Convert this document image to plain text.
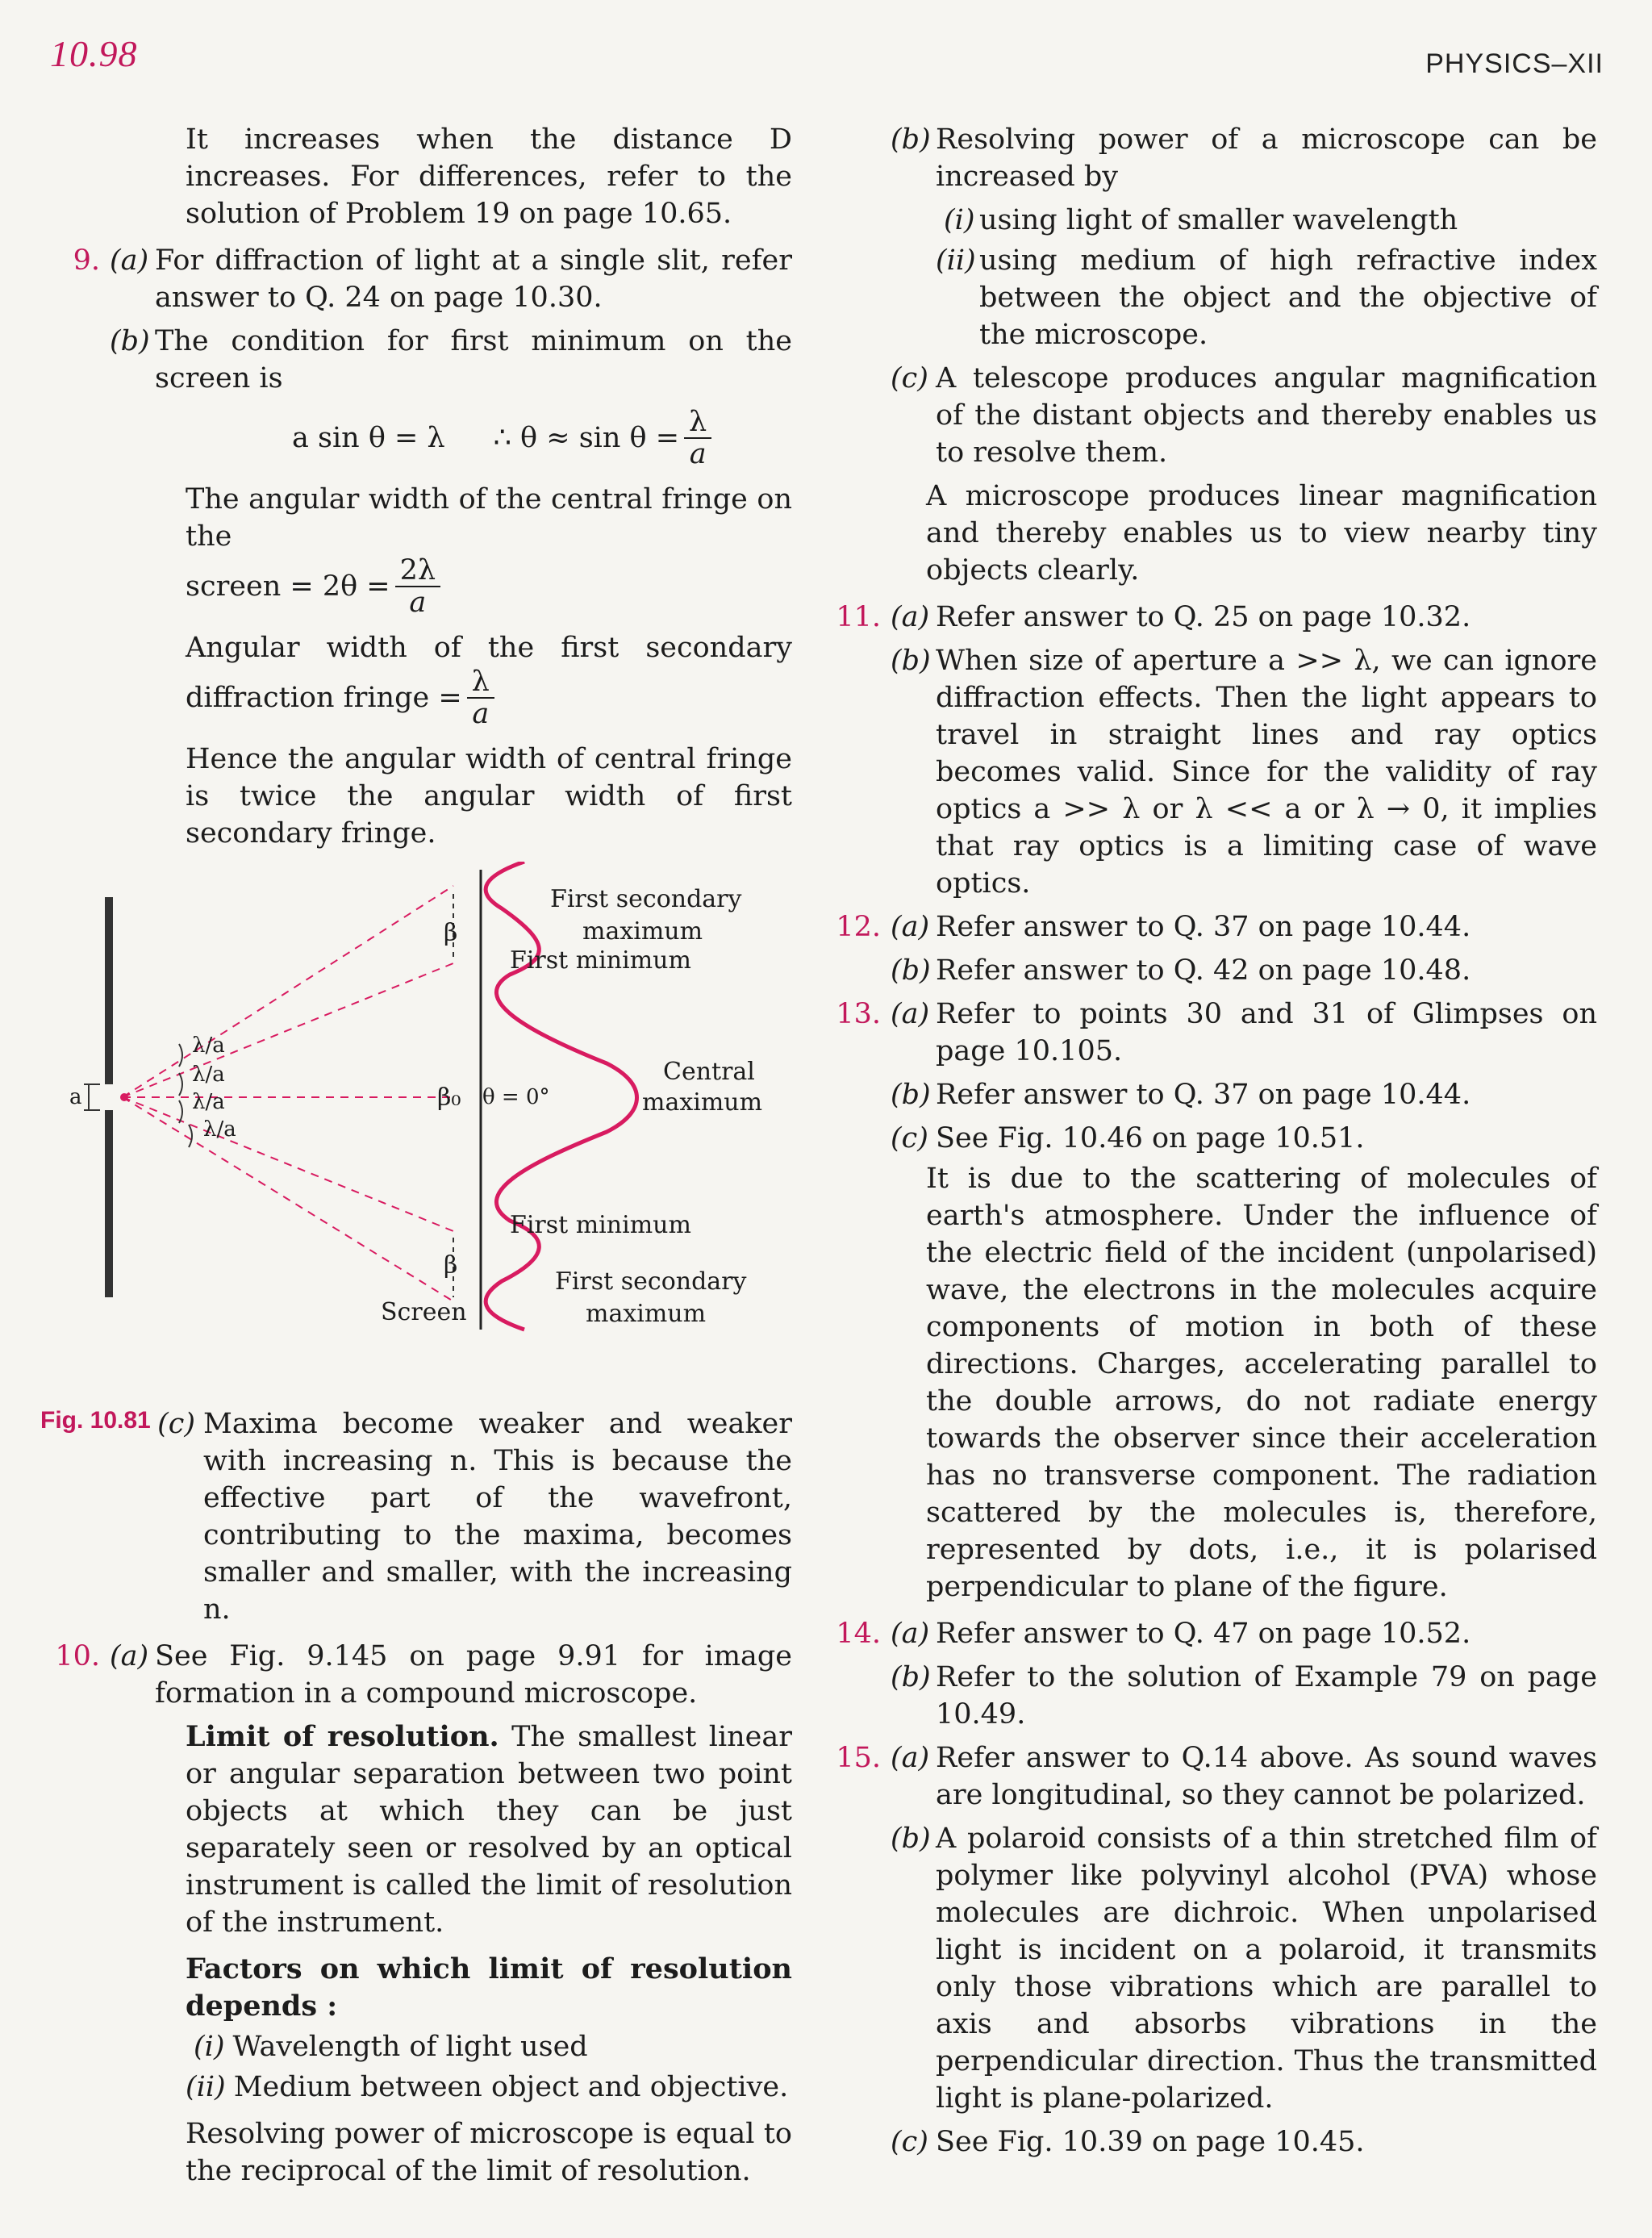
10.98	PHYSICS–XII

It increases when the distance D increases. For differences, refer to the solution of Problem 19 on page 10.65.

9. (a) For diffraction of light at a single slit, refer answer to Q. 24 on page 10.30.
(b) The condition for first minimum on the screen is
a sin θ = λ ∴ $\theta \approx \sin \theta = \frac{\lambda}{a}$

The angular width of the central fringe on the

screen = $2\theta = \frac{2\lambda}{a}$

Angular width of the first secondary

diffraction fringe = $\frac{\lambda}{a}$

Hence the angular width of central fringe is twice the angular width of first secondary fringe.

a
λ/a
λ/a
λ/a
λ/a
β
β₀
β
θ = 0°
First secondary
maximum
First minimum
Central
maximum
First minimum
First secondary
maximum
Screen
(c) Maxima become weaker and weaker with increasing n. This is because the effective part of the wavefront, contributing to the maxima, becomes smaller and smaller, with the increasing n.
10. (a) See Fig. 9.145 on page 9.91 for image formation in a compound microscope.

Limit of resolution. The smallest linear or angular separation between two point objects at which they can be just separately seen or resolved by an optical instrument is called the limit of resolution of the instrument.

Factors on which limit of resolution depends :

(i) Wavelength of light used
(ii) Medium between object and objective.

Resolving power of microscope is equal to the reciprocal of the limit of resolution.

Fig. 10.81
(b) Resolving power of a microscope can be increased by
(i) using light of smaller wavelength
(ii) using medium of high refractive index between the object and the objective of the microscope.
(c) A telescope produces angular magnification of the distant objects and thereby enables us to resolve them.

A microscope produces linear magnification and thereby enables us to view nearby tiny objects clearly.

11. (a) Refer answer to Q. 25 on page 10.32.
(b) When size of aperture a >> λ, we can ignore diffraction effects. Then the light appears to travel in straight lines and ray optics becomes valid. Since for the validity of ray optics a >> λ or λ << a or λ → 0, it implies that ray optics is a limiting case of wave optics.
12. (a) Refer answer to Q. 37 on page 10.44.
(b) Refer answer to Q. 42 on page 10.48.
13. (a) Refer to points 30 and 31 of Glimpses on page 10.105.
(b) Refer answer to Q. 37 on page 10.44.
(c) See Fig. 10.46 on page 10.51.

It is due to the scattering of molecules of earth's atmosphere. Under the influence of the electric field of the incident (unpolarised) wave, the electrons in the molecules acquire components of motion in both of these directions. Charges, accelerating parallel to the double arrows, do not radiate energy towards the observer since their acceleration has no transverse component. The radiation scattered by the molecules is, therefore, represented by dots, i.e., it is polarised perpendicular to plane of the figure.

14. (a) Refer answer to Q. 47 on page 10.52.
(b) Refer to the solution of Example 79 on page 10.49.
15. (a) Refer answer to Q.14 above. As sound waves are longitudinal, so they cannot be polarized.
(b) A polaroid consists of a thin stretched film of polymer like polyvinyl alcohol (PVA) whose molecules are dichroic. When unpolarised light is incident on a polaroid, it transmits only those vibrations which are parallel to axis and absorbs vibrations in the perpendicular direction. Thus the transmitted light is plane-polarized.
(c) See Fig. 10.39 on page 10.45.
